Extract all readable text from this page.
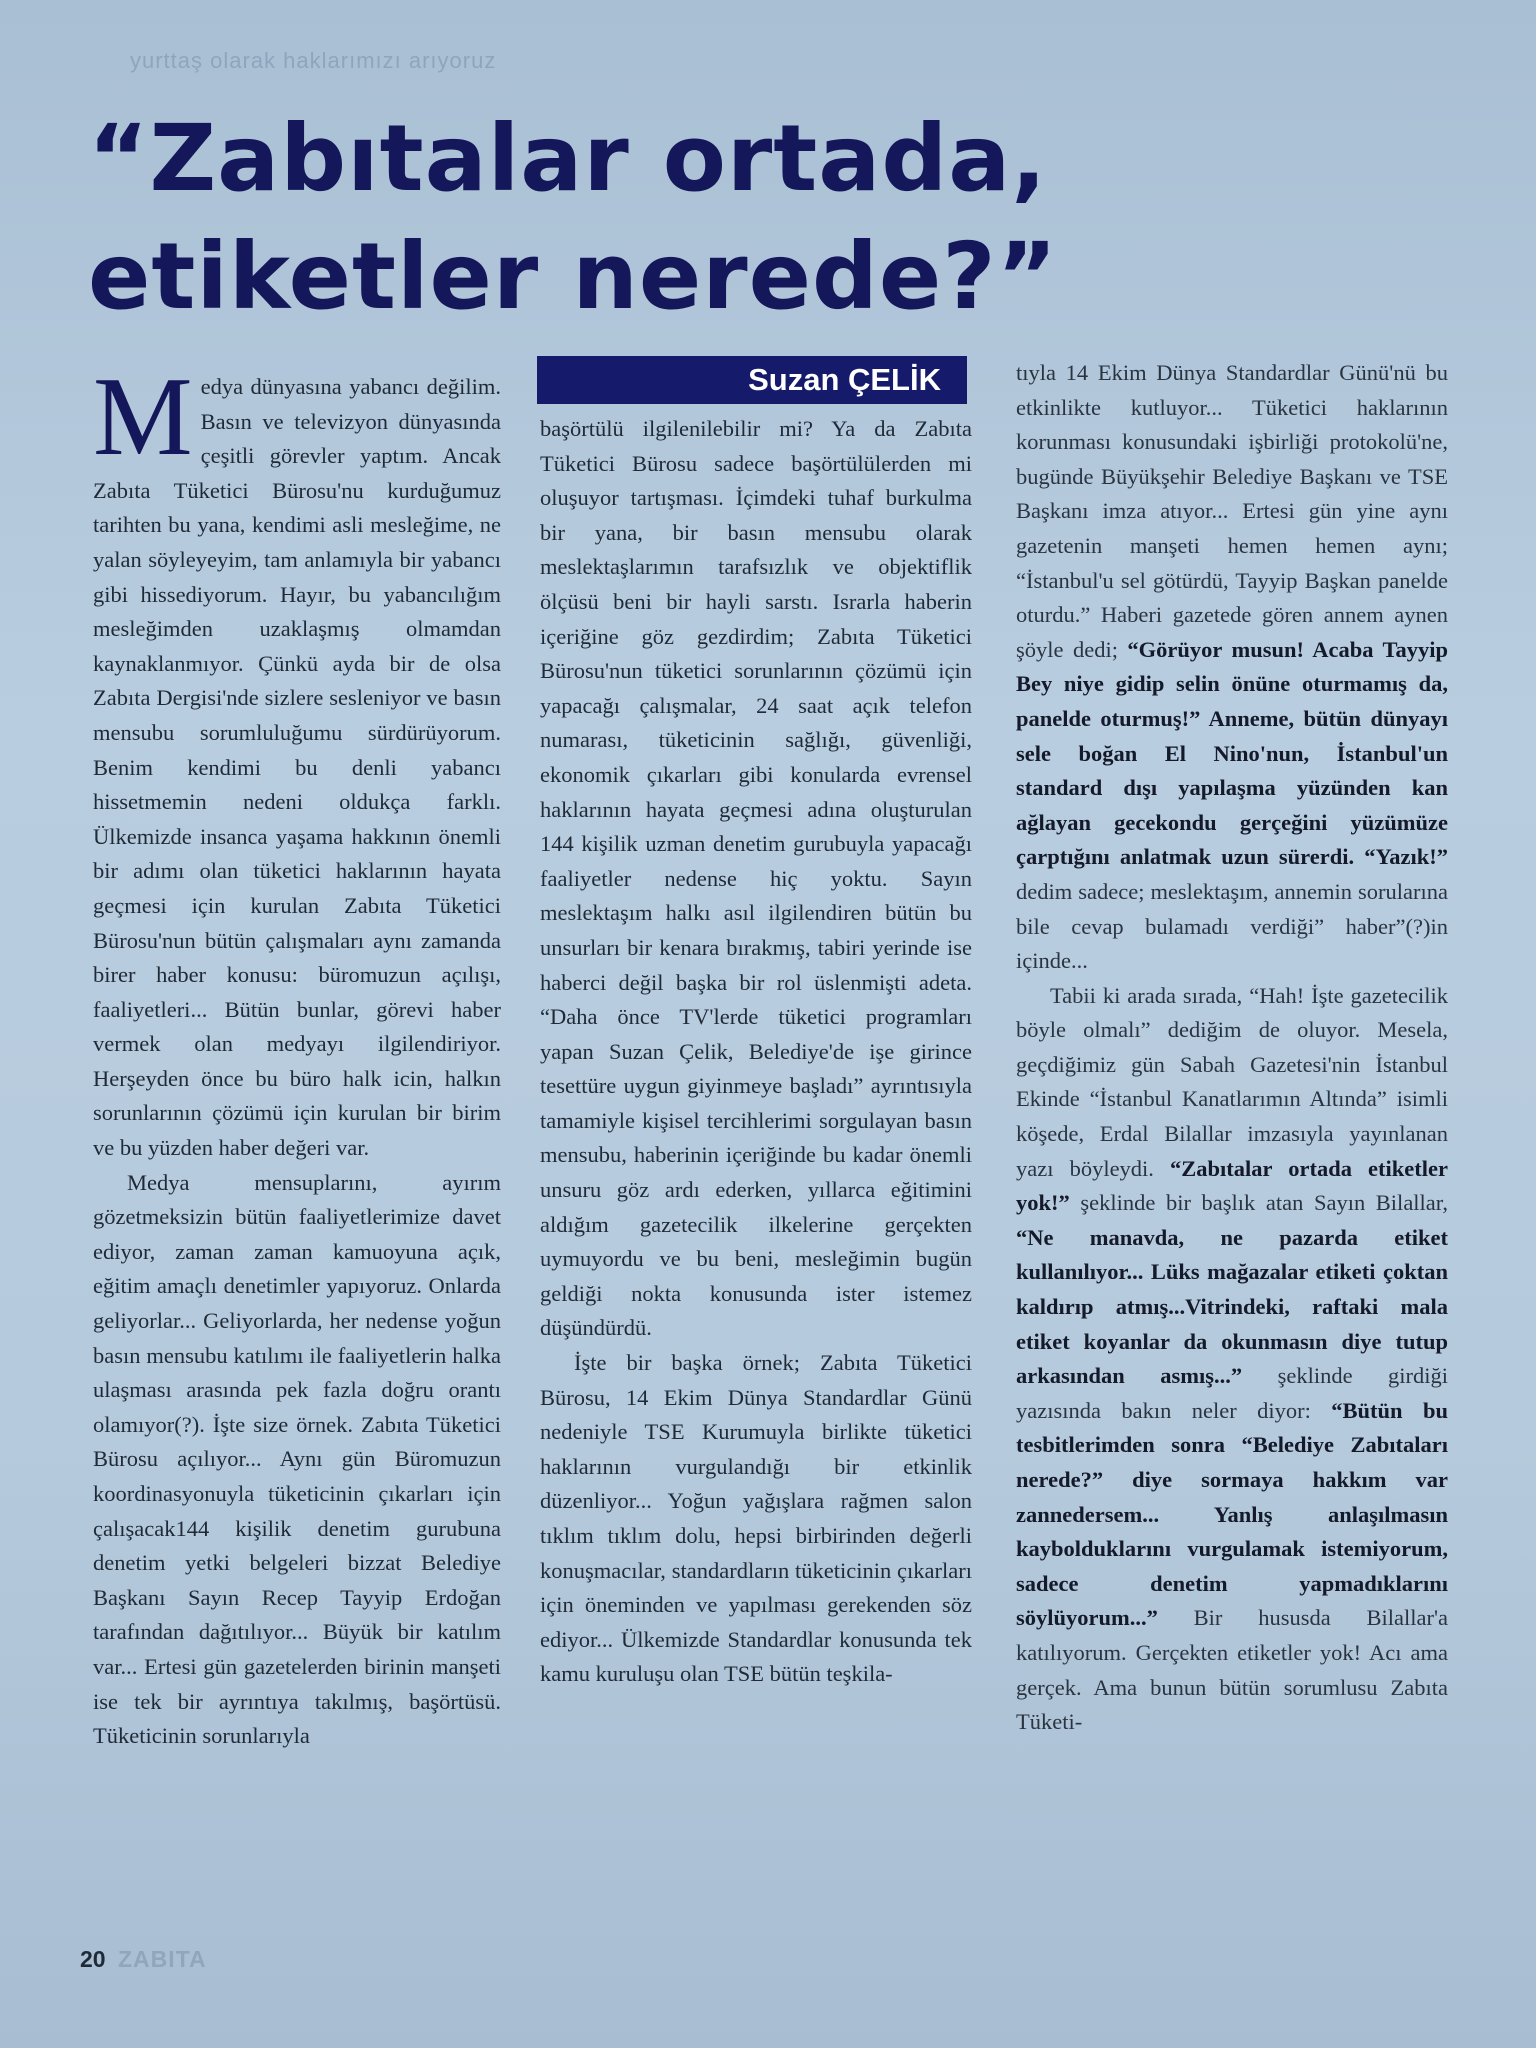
yurttaş olarak haklarımızı arıyoruz
“Zabıtalar ortada,
etiketler nerede?”
Suzan ÇELİK

Medya dünyasına yabancı değilim. Basın ve televizyon dünyasında çeşitli görevler yaptım. Ancak Zabıta Tüketici Bürosu'nu kurduğumuz tarihten bu yana, kendimi asli mesleğime, ne yalan söyleyeyim, tam anlamıyla bir yabancı gibi hissediyorum. Hayır, bu yabancılığım mesleğimden uzaklaşmış olmamdan kaynaklanmıyor. Çünkü ayda bir de olsa Zabıta Dergisi'nde sizlere sesleniyor ve basın mensubu sorumluluğumu sürdürüyorum. Benim kendimi bu denli yabancı hissetmemin nedeni oldukça farklı. Ülkemizde insanca yaşama hakkının önemli bir adımı olan tüketici haklarının hayata geçmesi için kurulan Zabıta Tüketici Bürosu'nun bütün çalışmaları aynı zamanda birer haber konusu: büromuzun açılışı, faaliyetleri... Bütün bunlar, görevi haber vermek olan medyayı ilgilendiriyor. Herşeyden önce bu büro halk icin, halkın sorunlarının çözümü için kurulan bir birim ve bu yüzden haber değeri var.

Medya mensuplarını, ayırım gözetmeksizin bütün faaliyetlerimize davet ediyor, zaman zaman kamuoyuna açık, eğitim amaçlı denetimler yapıyoruz. Onlarda geliyorlar... Geliyorlarda, her nedense yoğun basın mensubu katılımı ile faaliyetlerin halka ulaşması arasında pek fazla doğru orantı olamıyor(?). İşte size örnek. Zabıta Tüketici Bürosu açılıyor... Aynı gün Büromuzun koordinasyonuyla tüketicinin çıkarları için çalışacak144 kişilik denetim gurubuna denetim yetki belgeleri bizzat Belediye Başkanı Sayın Recep Tayyip Erdoğan tarafından dağıtılıyor... Büyük bir katılım var... Ertesi gün gazetelerden birinin manşeti ise tek bir ayrıntıya takılmış, başörtüsü. Tüketicinin sorunlarıyla

başörtülü ilgilenilebilir mi? Ya da Zabıta Tüketici Bürosu sadece başörtülülerden mi oluşuyor tartışması. İçimdeki tuhaf burkulma bir yana, bir basın mensubu olarak meslektaşlarımın tarafsızlık ve objektiflik ölçüsü beni bir hayli sarstı. Israrla haberin içeriğine göz gezdirdim; Zabıta Tüketici Bürosu'nun tüketici sorunlarının çözümü için yapacağı çalışmalar, 24 saat açık telefon numarası, tüketicinin sağlığı, güvenliği, ekonomik çıkarları gibi konularda evrensel haklarının hayata geçmesi adına oluşturulan 144 kişilik uzman denetim gurubuyla yapacağı faaliyetler nedense hiç yoktu. Sayın meslektaşım halkı asıl ilgilendiren bütün bu unsurları bir kenara bırakmış, tabiri yerinde ise haberci değil başka bir rol üslenmişti adeta. “Daha önce TV'lerde tüketici programları yapan Suzan Çelik, Belediye'de işe girince tesettüre uygun giyinmeye başladı” ayrıntısıyla tamamiyle kişisel tercihlerimi sorgulayan basın mensubu, haberinin içeriğinde bu kadar önemli unsuru göz ardı ederken, yıllarca eğitimini aldığım gazetecilik ilkelerine gerçekten uymuyordu ve bu beni, mesleğimin bugün geldiği nokta konusunda ister istemez düşündürdü.

İşte bir başka örnek; Zabıta Tüketici Bürosu, 14 Ekim Dünya Standardlar Günü nedeniyle TSE Kurumuyla birlikte tüketici haklarının vurgulandığı bir etkinlik düzenliyor... Yoğun yağışlara rağmen salon tıklım tıklım dolu, hepsi birbirinden değerli konuşmacılar, standardların tüketicinin çıkarları için öneminden ve yapılması gerekenden söz ediyor... Ülkemizde Standardlar konusunda tek kamu kuruluşu olan TSE bütün teşkila-

tıyla 14 Ekim Dünya Standardlar Günü'nü bu etkinlikte kutluyor... Tüketici haklarının korunması konusundaki işbirliği protokolü'ne, bugünde Büyükşehir Belediye Başkanı ve TSE Başkanı imza atıyor... Ertesi gün yine aynı gazetenin manşeti hemen hemen aynı; “İstanbul'u sel götürdü, Tayyip Başkan panelde oturdu.” Haberi gazetede gören annem aynen şöyle dedi; “Görüyor musun! Acaba Tayyip Bey niye gidip selin önüne oturmamış da, panelde oturmuş!” Anneme, bütün dünyayı sele boğan El Nino'nun, İstanbul'un standard dışı yapılaşma yüzünden kan ağlayan gecekondu gerçeğini yüzümüze çarptığını anlatmak uzun sürerdi. “Yazık!” dedim sadece; meslektaşım, annemin sorularına bile cevap bulamadı verdiği” haber”(?)in içinde...

Tabii ki arada sırada, “Hah! İşte gazetecilik böyle olmalı” dediğim de oluyor. Mesela, geçdiğimiz gün Sabah Gazetesi'nin İstanbul Ekinde “İstanbul Kanatlarımın Altında” isimli köşede, Erdal Bilallar imzasıyla yayınlanan yazı böyleydi. “Zabıtalar ortada etiketler yok!” şeklinde bir başlık atan Sayın Bilallar, “Ne manavda, ne pazarda etiket kullanılıyor... Lüks mağazalar etiketi çoktan kaldırıp atmış...Vitrindeki, raftaki mala etiket koyanlar da okunmasın diye tutup arkasından asmış...” şeklinde girdiği yazısında bakın neler diyor: “Bütün bu tesbitlerimden sonra “Belediye Zabıtaları nerede?” diye sormaya hakkım var zannedersem... Yanlış anlaşılmasın kaybolduklarını vurgulamak istemiyorum, sadece denetim yapmadıklarını söylüyorum...” Bir hususda Bilallar'a katılıyorum. Gerçekten etiketler yok! Acı ama gerçek. Ama bunun bütün sorumlusu Zabıta Tüketi-

20 ZABITA
